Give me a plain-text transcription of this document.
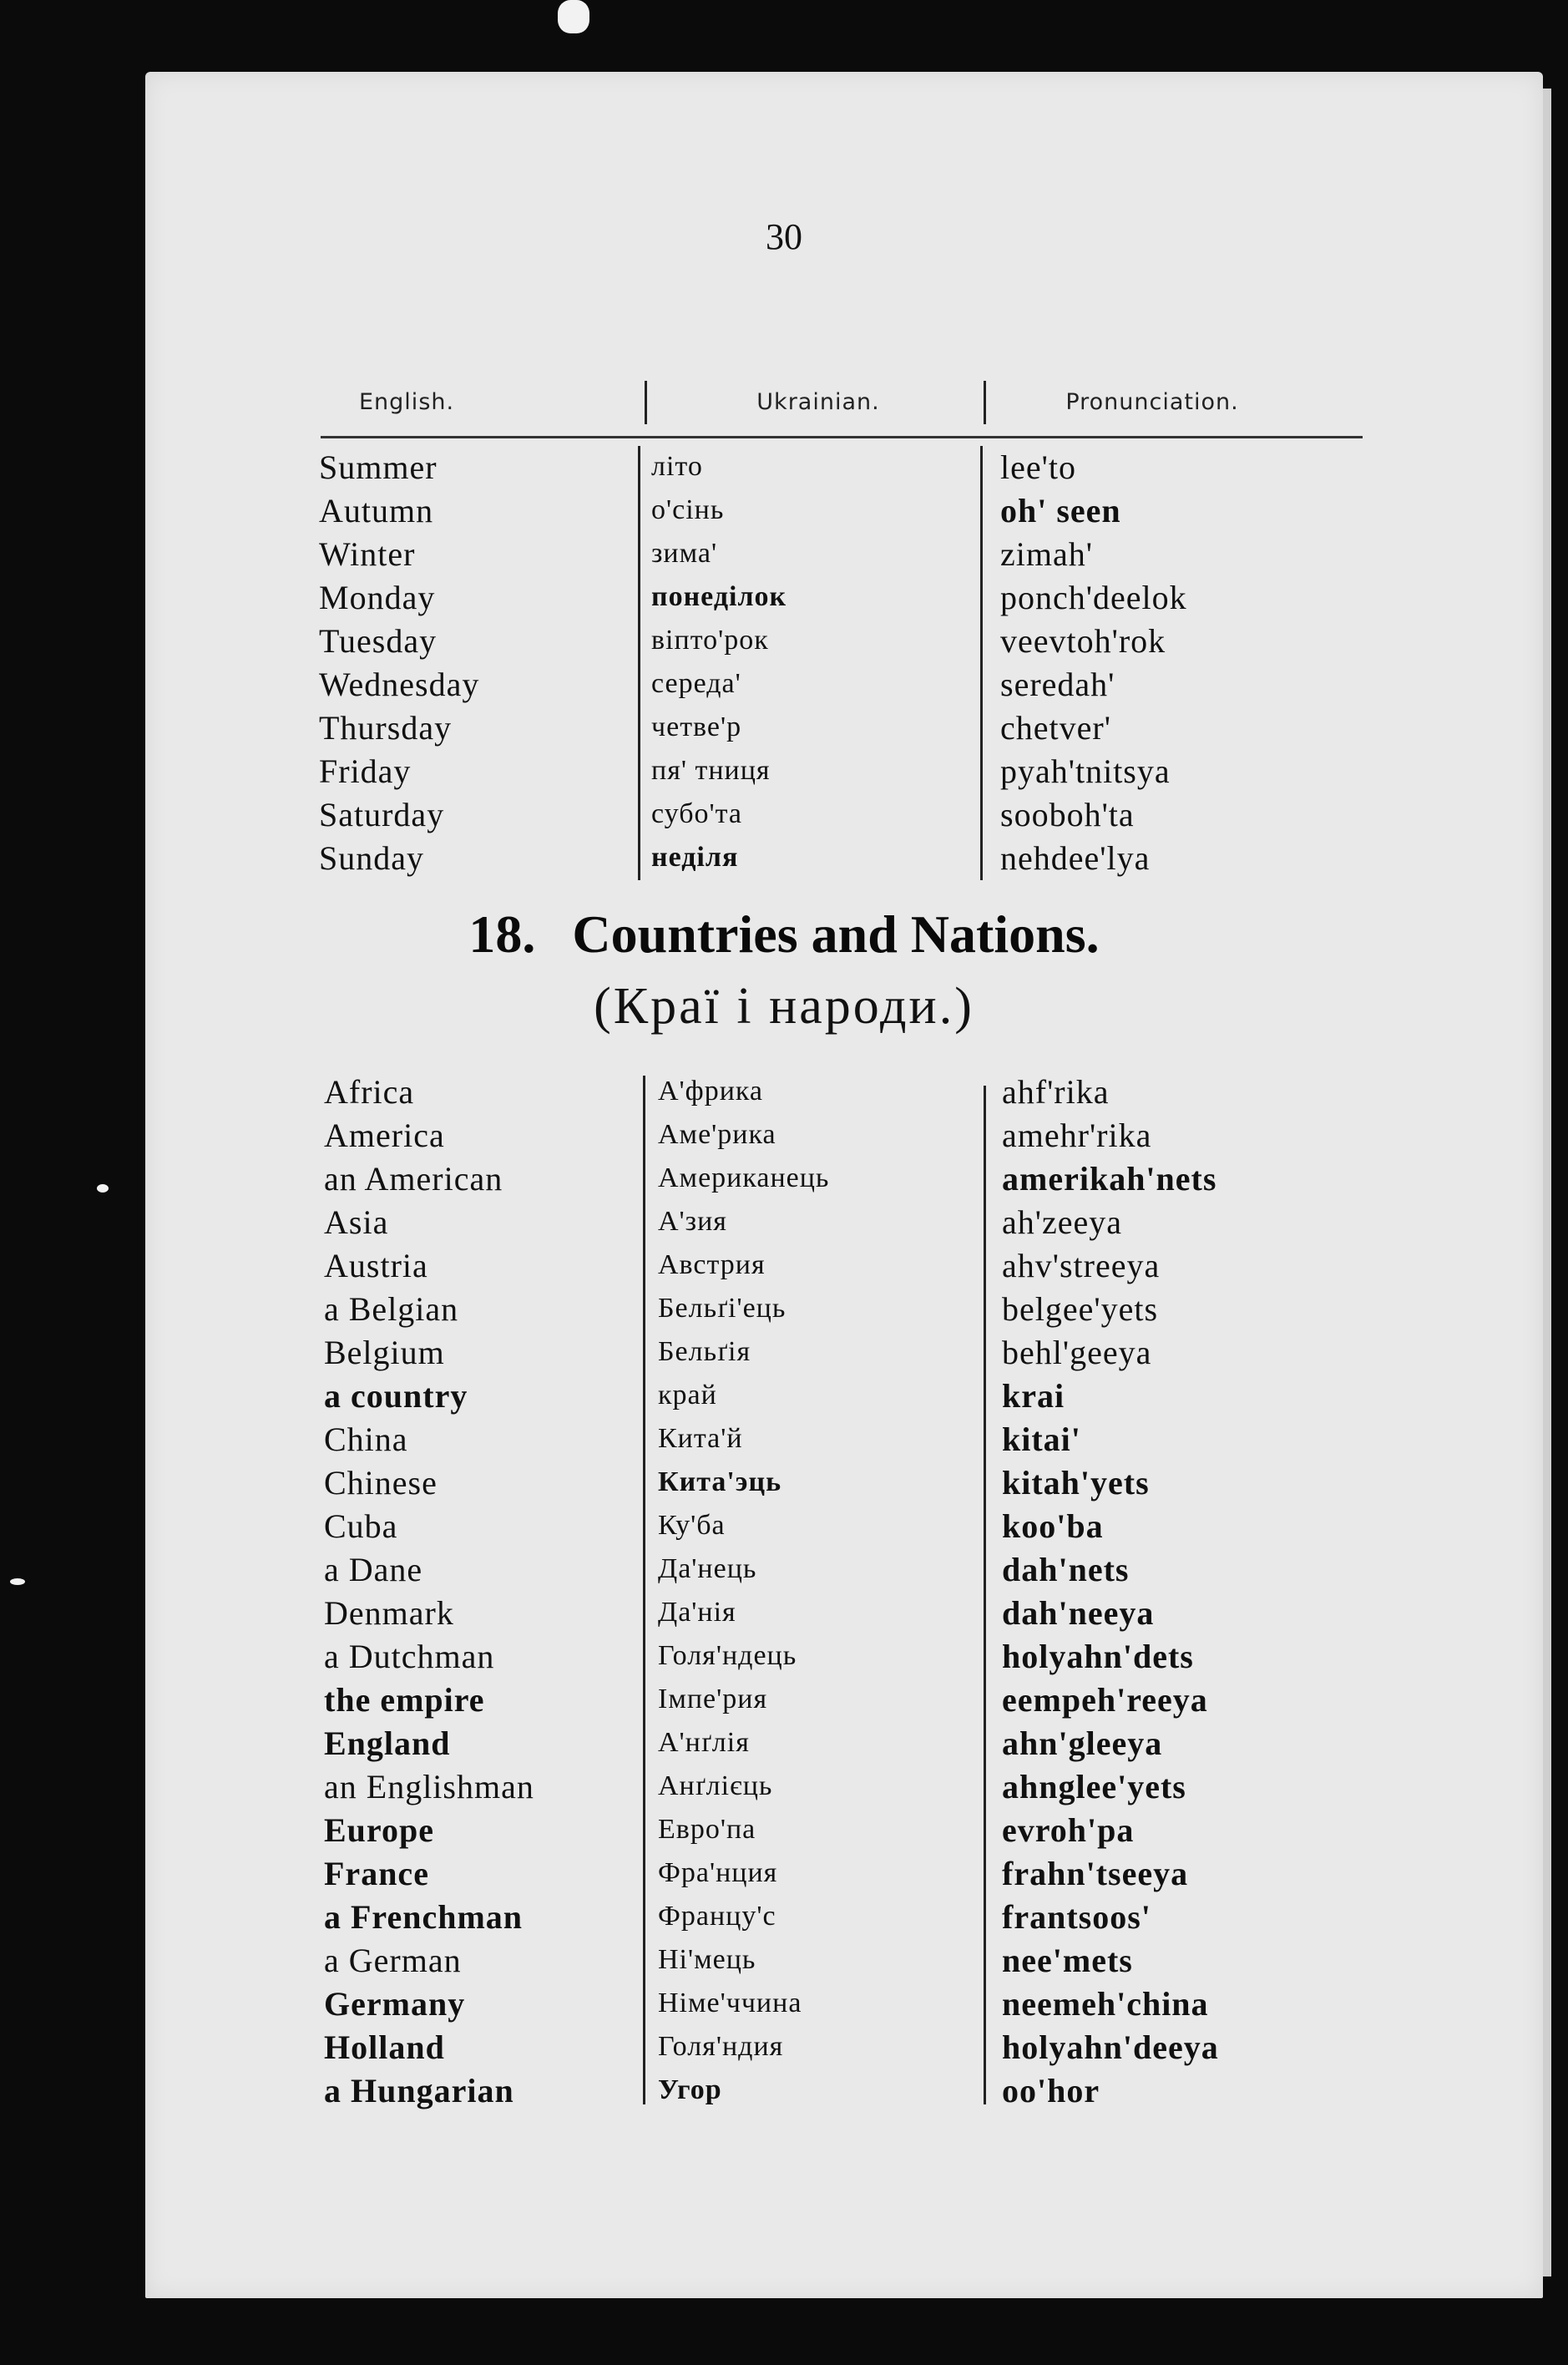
30
English.	Ukrainian.	Pronunciation.
Summer	літо	lee'to
Autumn	о'сінь	oh' seen
Winter	зима'	zimah'
Monday	понеділок	ponch'deelok
Tuesday	віпто'рок	veevtoh'rok
Wednesday	середа'	seredah'
Thursday	четве'р	chetver'
Friday	пя' тниця	pyah'tnitsya
Saturday	субо'та	sooboh'ta
Sunday	неділя	nehdee'lya
18. Countries and Nations.
(Краї і народи.)
Africa	А'фрика	ahf'rika
America	Аме'рика	amehr'rika
an American	Американець	amerikah'nets
Asia	А'зия	ah'zeeya
Austria	Австрия	ahv'streeya
a Belgian	Бельґі'ець	belgee'yets
Belgium	Бельґія	behl'geeya
a country	край	krai
China	Кита'й	kitai'
Chinese	Кита'эць	kitah'yets
Cuba	Ку'ба	koo'ba
a Dane	Да'нець	dah'nets
Denmark	Да'нія	dah'neeya
a Dutchman	Голя'ндець	holyahn'dets
the empire	Імпе'рия	eempeh'reeya
England	А'нґлія	ahn'gleeya
an Englishman	Анґлієць	ahnglee'yets
Europe	Евро'па	evroh'pa
France	Фра'нция	frahn'tseeya
a Frenchman	Францу'с	frantsoos'
a German	Ні'мець	nee'mets
Germany	Німе'ччина	neemeh'china
Holland	Голя'ндия	holyahn'deeya
a Hungarian	Угор	oo'hor
